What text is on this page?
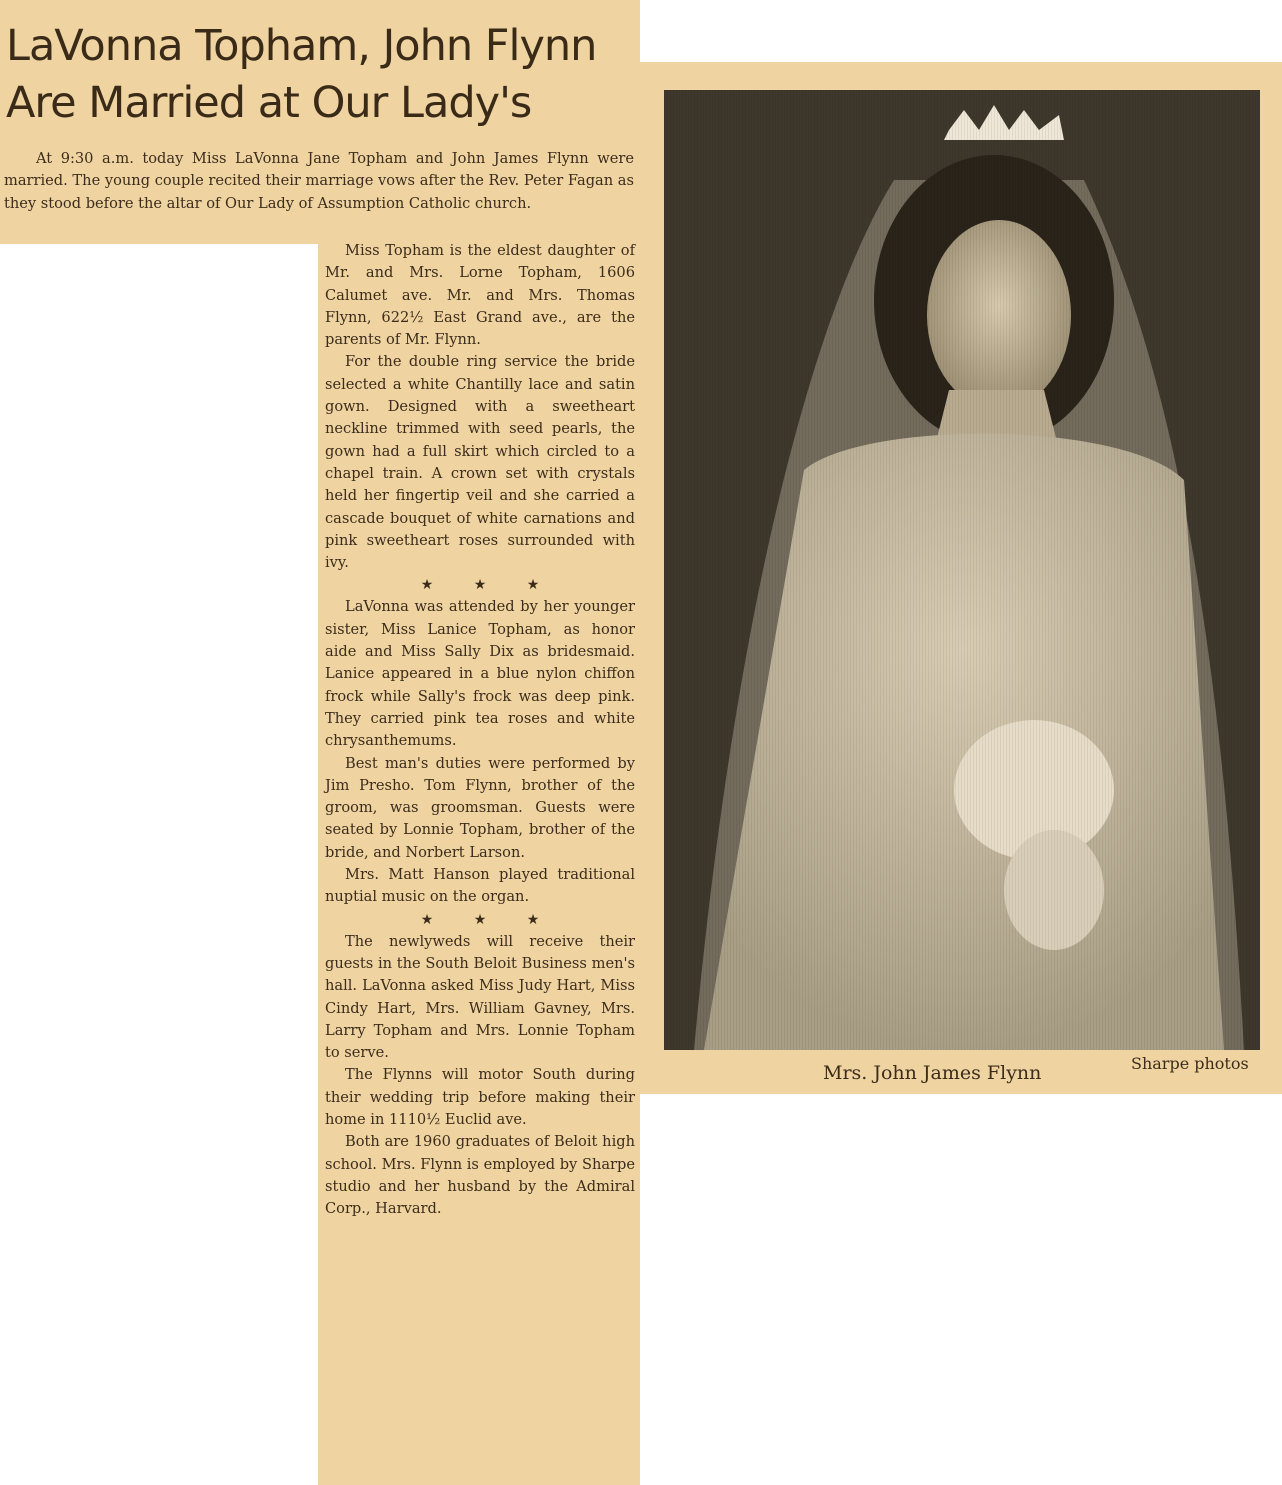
LaVonna Topham, John Flynn
Are Married at Our Lady's

At 9:30 a.m. today Miss LaVonna Jane Topham and John James Flynn were married. The young couple recited their marriage vows after the Rev. Peter Fagan as they stood before the altar of Our Lady of Assumption Catholic church.

Miss Topham is the eldest daughter of Mr. and Mrs. Lorne Topham, 1606 Calumet ave. Mr. and Mrs. Thomas Flynn, 622½ East Grand ave., are the parents of Mr. Flynn.

For the double ring service the bride selected a white Chantilly lace and satin gown. Designed with a sweetheart neckline trimmed with seed pearls, the gown had a full skirt which circled to a chapel train. A crown set with crystals held her fingertip veil and she carried a cascade bouquet of white carnations and pink sweetheart roses surrounded with ivy.

★ ★ ★

LaVonna was attended by her younger sister, Miss Lanice Topham, as honor aide and Miss Sally Dix as bridesmaid. Lanice appeared in a blue nylon chiffon frock while Sally's frock was deep pink. They carried pink tea roses and white chrysanthemums.

Best man's duties were performed by Jim Presho. Tom Flynn, brother of the groom, was groomsman. Guests were seated by Lonnie Topham, brother of the bride, and Norbert Larson.

Mrs. Matt Hanson played traditional nuptial music on the organ.

★ ★ ★

The newlyweds will receive their guests in the South Beloit Business men's hall. LaVonna asked Miss Judy Hart, Miss Cindy Hart, Mrs. William Gavney, Mrs. Larry Topham and Mrs. Lonnie Topham to serve.

The Flynns will motor South during their wedding trip before making their home in 1110½ Euclid ave.

Both are 1960 graduates of Beloit high school. Mrs. Flynn is employed by Sharpe studio and her husband by the Admiral Corp., Harvard.

Mrs. John James Flynn	Sharpe photos
